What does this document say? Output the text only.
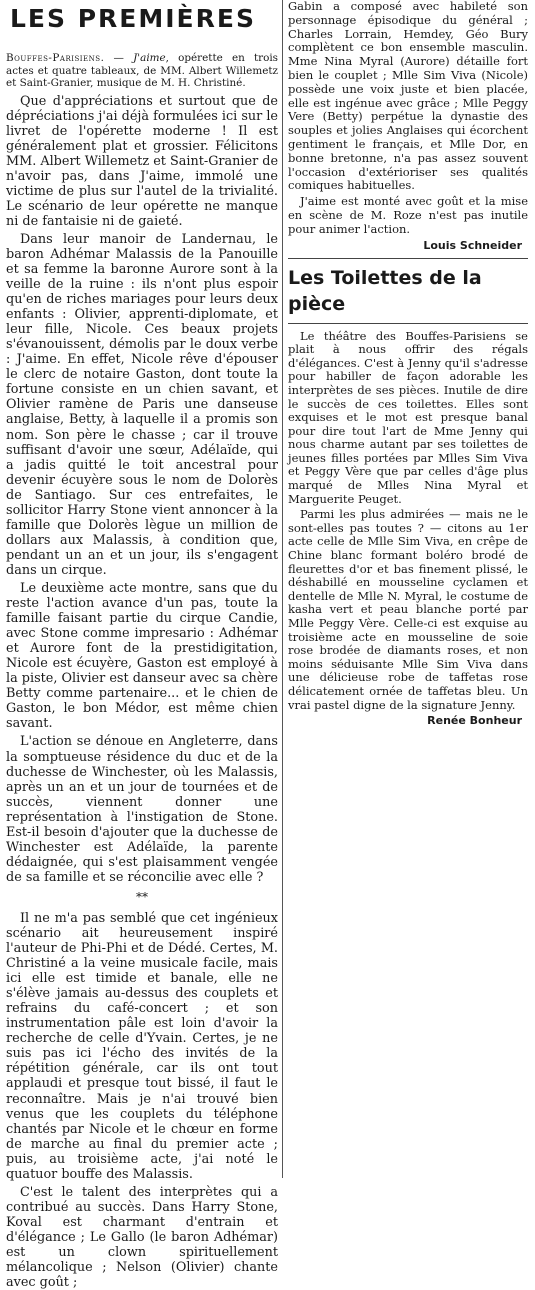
LES PREMIÈRES
Bouffes-Parisiens. — J'aime, opérette en trois actes et quatre tableaux, de MM. Albert Willemetz et Saint-Granier, musique de M. H. Christiné.

Que d'appréciations et surtout que de dépréciations j'ai déjà formulées ici sur le livret de l'opérette moderne ! Il est généralement plat et grossier. Félicitons MM. Albert Willemetz et Saint-Granier de n'avoir pas, dans J'aime, immolé une victime de plus sur l'autel de la trivialité. Le scénario de leur opérette ne manque ni de fantaisie ni de gaieté.

Dans leur manoir de Landernau, le baron Adhémar Malassis de la Panouille et sa femme la baronne Aurore sont à la veille de la ruine : ils n'ont plus espoir qu'en de riches mariages pour leurs deux enfants : Olivier, apprenti-diplomate, et leur fille, Nicole. Ces beaux projets s'évanouissent, démolis par le doux verbe : J'aime. En effet, Nicole rêve d'épouser le clerc de notaire Gaston, dont toute la fortune consiste en un chien savant, et Olivier ramène de Paris une danseuse anglaise, Betty, à laquelle il a promis son nom. Son père le chasse ; car il trouve suffisant d'avoir une sœur, Adélaïde, qui a jadis quitté le toit ancestral pour devenir écuyère sous le nom de Dolorès de Santiago. Sur ces entrefaites, le sollicitor Harry Stone vient annoncer à la famille que Dolorès lègue un million de dollars aux Malassis, à condition que, pendant un an et un jour, ils s'engagent dans un cirque.

Le deuxième acte montre, sans que du reste l'action avance d'un pas, toute la famille faisant partie du cirque Candie, avec Stone comme impresario : Adhémar et Aurore font de la prestidigitation, Nicole est écuyère, Gaston est employé à la piste, Olivier est danseur avec sa chère Betty comme partenaire... et le chien de Gaston, le bon Médor, est même chien savant.

L'action se dénoue en Angleterre, dans la somptueuse résidence du duc et de la duchesse de Winchester, où les Malassis, après un an et un jour de tournées et de succès, viennent donner une représentation à l'instigation de Stone. Est-il besoin d'ajouter que la duchesse de Winchester est Adélaïde, la parente dédaignée, qui s'est plaisamment vengée de sa famille et se réconcilie avec elle ?

**

Il ne m'a pas semblé que cet ingénieux scénario ait heureusement inspiré l'auteur de Phi-Phi et de Dédé. Certes, M. Christiné a la veine musicale facile, mais ici elle est timide et banale, elle ne s'élève jamais au-dessus des couplets et refrains du café-concert ; et son instrumentation pâle est loin d'avoir la recherche de celle d'Yvain. Certes, je ne suis pas ici l'écho des invités de la répétition générale, car ils ont tout applaudi et presque tout bissé, il faut le reconnaître. Mais je n'ai trouvé bien venus que les couplets du téléphone chantés par Nicole et le chœur en forme de marche au final du premier acte ; puis, au troisième acte, j'ai noté le quatuor bouffe des Malassis.

C'est le talent des interprètes qui a contribué au succès. Dans Harry Stone, Koval est charmant d'entrain et d'élégance ; Le Gallo (le baron Adhémar) est un clown spirituellement mélancolique ; Nelson (Olivier) chante avec goût ;

Gabin a composé avec habileté son personnage épisodique du général ; Charles Lorrain, Hemdey, Géo Bury complètent ce bon ensemble masculin. Mme Nina Myral (Aurore) détaille fort bien le couplet ; Mlle Sim Viva (Nicole) possède une voix juste et bien placée, elle est ingénue avec grâce ; Mlle Peggy Vere (Betty) perpétue la dynastie des souples et jolies Anglaises qui écorchent gentiment le français, et Mlle Dor, en bonne bretonne, n'a pas assez souvent l'occasion d'extérioriser ses qualités comiques habituelles.

J'aime est monté avec goût et la mise en scène de M. Roze n'est pas inutile pour animer l'action.

Louis Schneider
Les Toilettes de la pièce

Le théâtre des Bouffes-Parisiens se plait à nous offrir des régals d'élégances. C'est à Jenny qu'il s'adresse pour habiller de façon adorable les interprètes de ses pièces. Inutile de dire le succès de ces toilettes. Elles sont exquises et le mot est presque banal pour dire tout l'art de Mme Jenny qui nous charme autant par ses toilettes de jeunes filles portées par Mlles Sim Viva et Peggy Vère que par celles d'âge plus marqué de Mlles Nina Myral et Marguerite Peuget.

Parmi les plus admirées — mais ne le sont-elles pas toutes ? — citons au 1er acte celle de Mlle Sim Viva, en crêpe de Chine blanc formant boléro brodé de fleurettes d'or et bas finement plissé, le déshabillé en mousseline cyclamen et dentelle de Mlle N. Myral, le costume de kasha vert et peau blanche porté par Mlle Peggy Vère. Celle-ci est exquise au troisième acte en mousseline de soie rose brodée de diamants roses, et non moins séduisante Mlle Sim Viva dans une délicieuse robe de taffetas rose délicatement ornée de taffetas bleu. Un vrai pastel digne de la signature Jenny.

Renée Bonheur
